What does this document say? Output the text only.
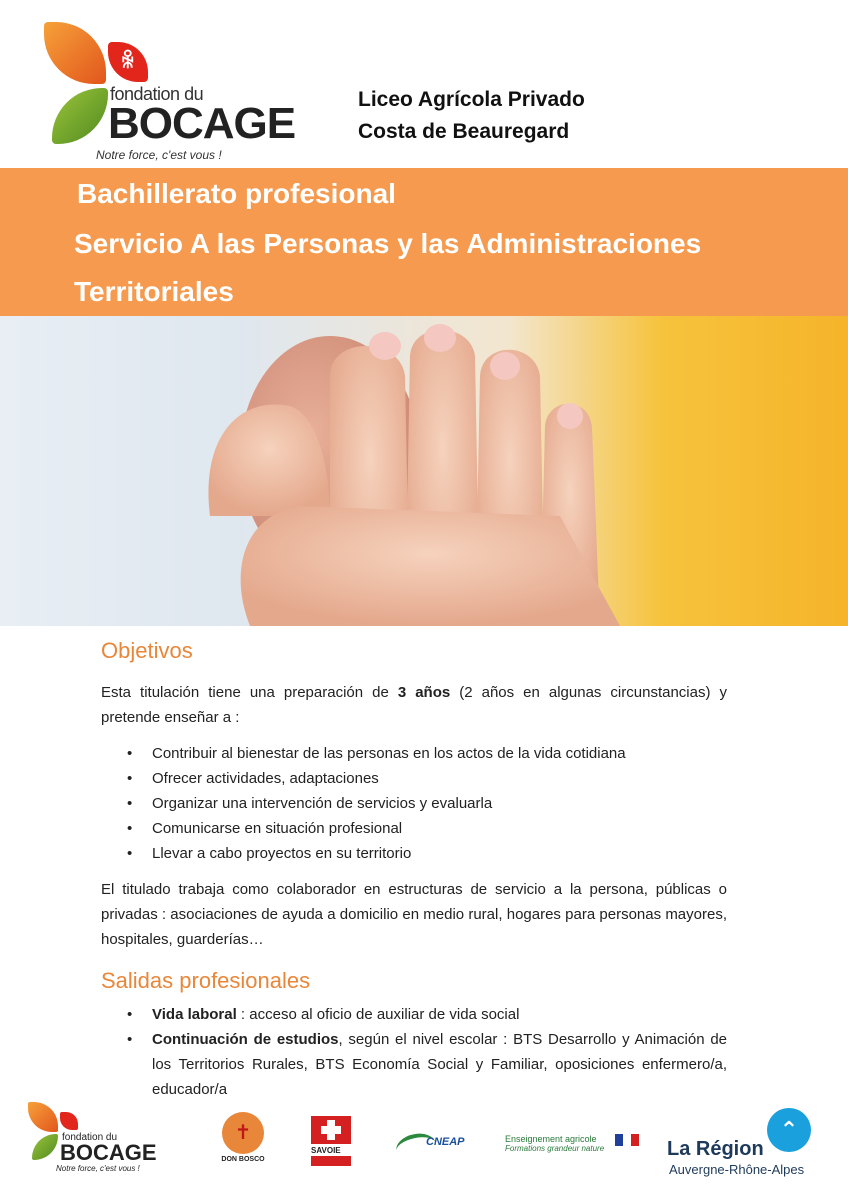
ꆜ
fondation du
BOCAGE
Notre force, c'est vous !
Liceo Agrícola Privado
Costa de Beauregard
Bachillerato profesional
Servicio A las Personas y las Administraciones
Territoriales
Objetivos
Esta titulación tiene una preparación de 3 años (2 años en algunas circunstancias) y pretende enseñar a :
• Contribuir al bienestar de las personas en los actos de la vida cotidiana
• Ofrecer actividades, adaptaciones
• Organizar una intervención de servicios y evaluarla
• Comunicarse en situación profesional
• Llevar a cabo proyectos en su territorio
El titulado trabaja como colaborador en estructuras de servicio a la persona, públicas o privadas : asociaciones de ayuda a domicilio en medio rural, hogares para personas mayores, hospitales, guarderías…
Salidas profesionales
• Vida laboral : acceso al oficio de auxiliar de vida social
• Continuación de estudios, según el nivel escolar : BTS Desarrollo y Animación de los Territorios Rurales, BTS Economía Social y Familiar, oposiciones enfermero/a, educador/a
fondation du
BOCAGE
Notre force, c'est vous !
✝
DON BOSCO
SAVOIE
CNEAP	Enseignement agricole
Formations grandeur nature
⌃
La Région
Auvergne-Rhône-Alpes
